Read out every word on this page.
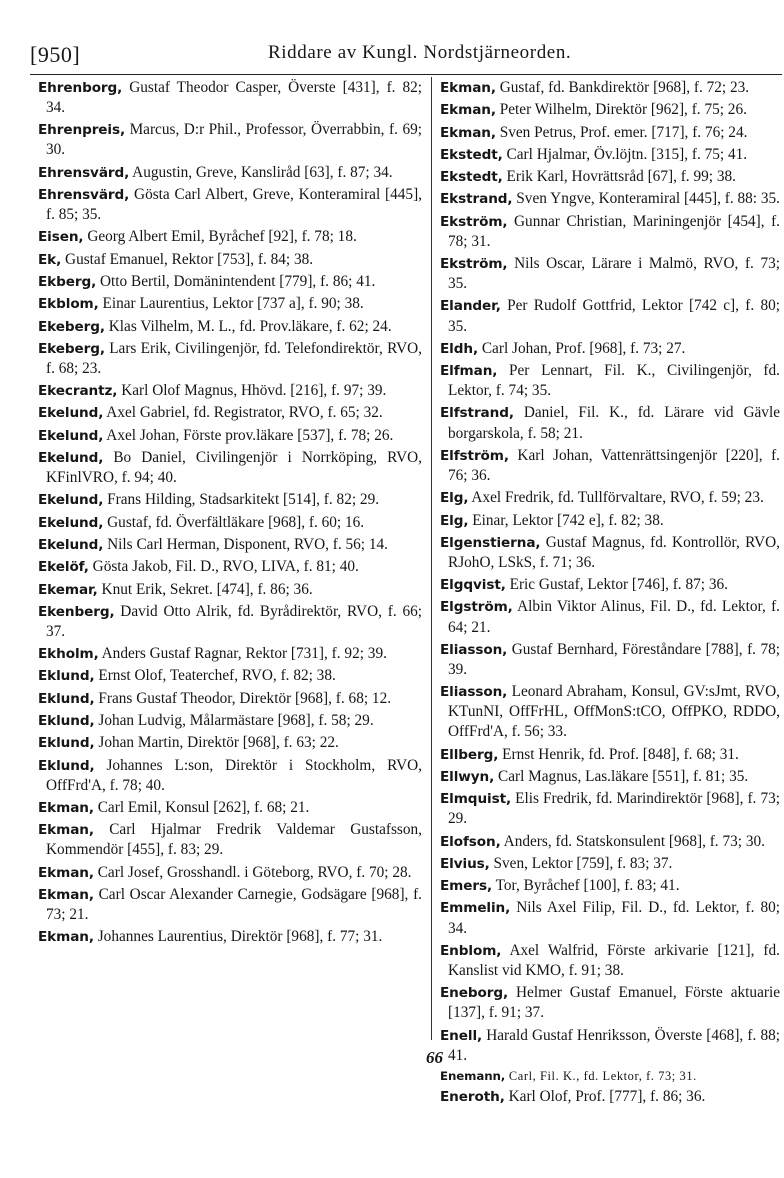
[950]	Riddare av Kungl. Nordstjärneorden.
Ehrenborg, Gustaf Theodor Casper, Överste [431], f. 82; 34.
Ehrenpreis, Marcus, D:r Phil., Professor, Överrabbin, f. 69; 30.
Ehrensvärd, Augustin, Greve, Kansliråd [63], f. 87; 34.
Ehrensvärd, Gösta Carl Albert, Greve, Konteramiral [445], f. 85; 35.
Eisen, Georg Albert Emil, Byråchef [92], f. 78; 18.
Ek, Gustaf Emanuel, Rektor [753], f. 84; 38.
Ekberg, Otto Bertil, Domänintendent [779], f. 86; 41.
Ekblom, Einar Laurentius, Lektor [737 a], f. 90; 38.
Ekeberg, Klas Vilhelm, M. L., fd. Prov.läkare, f. 62; 24.
Ekeberg, Lars Erik, Civilingenjör, fd. Telefondirektör, RVO, f. 68; 23.
Ekecrantz, Karl Olof Magnus, Hhövd. [216], f. 97; 39.
Ekelund, Axel Gabriel, fd. Registrator, RVO, f. 65; 32.
Ekelund, Axel Johan, Förste prov.läkare [537], f. 78; 26.
Ekelund, Bo Daniel, Civilingenjör i Norrköping, RVO, KFinlVRO, f. 94; 40.
Ekelund, Frans Hilding, Stadsarkitekt [514], f. 82; 29.
Ekelund, Gustaf, fd. Överfältläkare [968], f. 60; 16.
Ekelund, Nils Carl Herman, Disponent, RVO, f. 56; 14.
Ekelöf, Gösta Jakob, Fil. D., RVO, LIVA, f. 81; 40.
Ekemar, Knut Erik, Sekret. [474], f. 86; 36.
Ekenberg, David Otto Alrik, fd. Byrådirektör, RVO, f. 66; 37.
Ekholm, Anders Gustaf Ragnar, Rektor [731], f. 92; 39.
Eklund, Ernst Olof, Teaterchef, RVO, f. 82; 38.
Eklund, Frans Gustaf Theodor, Direktör [968], f. 68; 12.
Eklund, Johan Ludvig, Målarmästare [968], f. 58; 29.
Eklund, Johan Martin, Direktör [968], f. 63; 22.
Eklund, Johannes L:son, Direktör i Stockholm, RVO, OffFrd'A, f. 78; 40.
Ekman, Carl Emil, Konsul [262], f. 68; 21.
Ekman, Carl Hjalmar Fredrik Valdemar Gustafsson, Kommendör [455], f. 83; 29.
Ekman, Carl Josef, Grosshandl. i Göteborg, RVO, f. 70; 28.
Ekman, Carl Oscar Alexander Carnegie, Godsägare [968], f. 73; 21.
Ekman, Johannes Laurentius, Direktör [968], f. 77; 31.
Ekman, Gustaf, fd. Bankdirektör [968], f. 72; 23.
Ekman, Peter Wilhelm, Direktör [962], f. 75; 26.
Ekman, Sven Petrus, Prof. emer. [717], f. 76; 24.
Ekstedt, Carl Hjalmar, Öv.löjtn. [315], f. 75; 41.
Ekstedt, Erik Karl, Hovrättsråd [67], f. 99; 38.
Ekstrand, Sven Yngve, Konteramiral [445], f. 88: 35.
Ekström, Gunnar Christian, Mariningenjör [454], f. 78; 31.
Ekström, Nils Oscar, Lärare i Malmö, RVO, f. 73; 35.
Elander, Per Rudolf Gottfrid, Lektor [742 c], f. 80; 35.
Eldh, Carl Johan, Prof. [968], f. 73; 27.
Elfman, Per Lennart, Fil. K., Civilingenjör, fd. Lektor, f. 74; 35.
Elfstrand, Daniel, Fil. K., fd. Lärare vid Gävle borgarskola, f. 58; 21.
Elfström, Karl Johan, Vattenrättsingenjör [220], f. 76; 36.
Elg, Axel Fredrik, fd. Tullförvaltare, RVO, f. 59; 23.
Elg, Einar, Lektor [742 e], f. 82; 38.
Elgenstierna, Gustaf Magnus, fd. Kontrollör, RVO, RJohO, LSkS, f. 71; 36.
Elgqvist, Eric Gustaf, Lektor [746], f. 87; 36.
Elgström, Albin Viktor Alinus, Fil. D., fd. Lektor, f. 64; 21.
Eliasson, Gustaf Bernhard, Föreståndare [788], f. 78; 39.
Eliasson, Leonard Abraham, Konsul, GV:sJmt, RVO, KTunNI, OffFrHL, OffMonS:tCO, OffPKO, RDDO, OffFrd'A, f. 56; 33.
Ellberg, Ernst Henrik, fd. Prof. [848], f. 68; 31.
Ellwyn, Carl Magnus, Las.läkare [551], f. 81; 35.
Elmquist, Elis Fredrik, fd. Marindirektör [968], f. 73; 29.
Elofson, Anders, fd. Statskonsulent [968], f. 73; 30.
Elvius, Sven, Lektor [759], f. 83; 37.
Emers, Tor, Byråchef [100], f. 83; 41.
Emmelin, Nils Axel Filip, Fil. D., fd. Lektor, f. 80; 34.
Enblom, Axel Walfrid, Förste arkivarie [121], fd. Kanslist vid KMO, f. 91; 38.
Eneborg, Helmer Gustaf Emanuel, Förste aktuarie [137], f. 91; 37.
Enell, Harald Gustaf Henriksson, Överste [468], f. 88; 41.
Enemann, Carl, Fil. K., fd. Lektor, f. 73; 31.
Eneroth, Karl Olof, Prof. [777], f. 86; 36.
66
